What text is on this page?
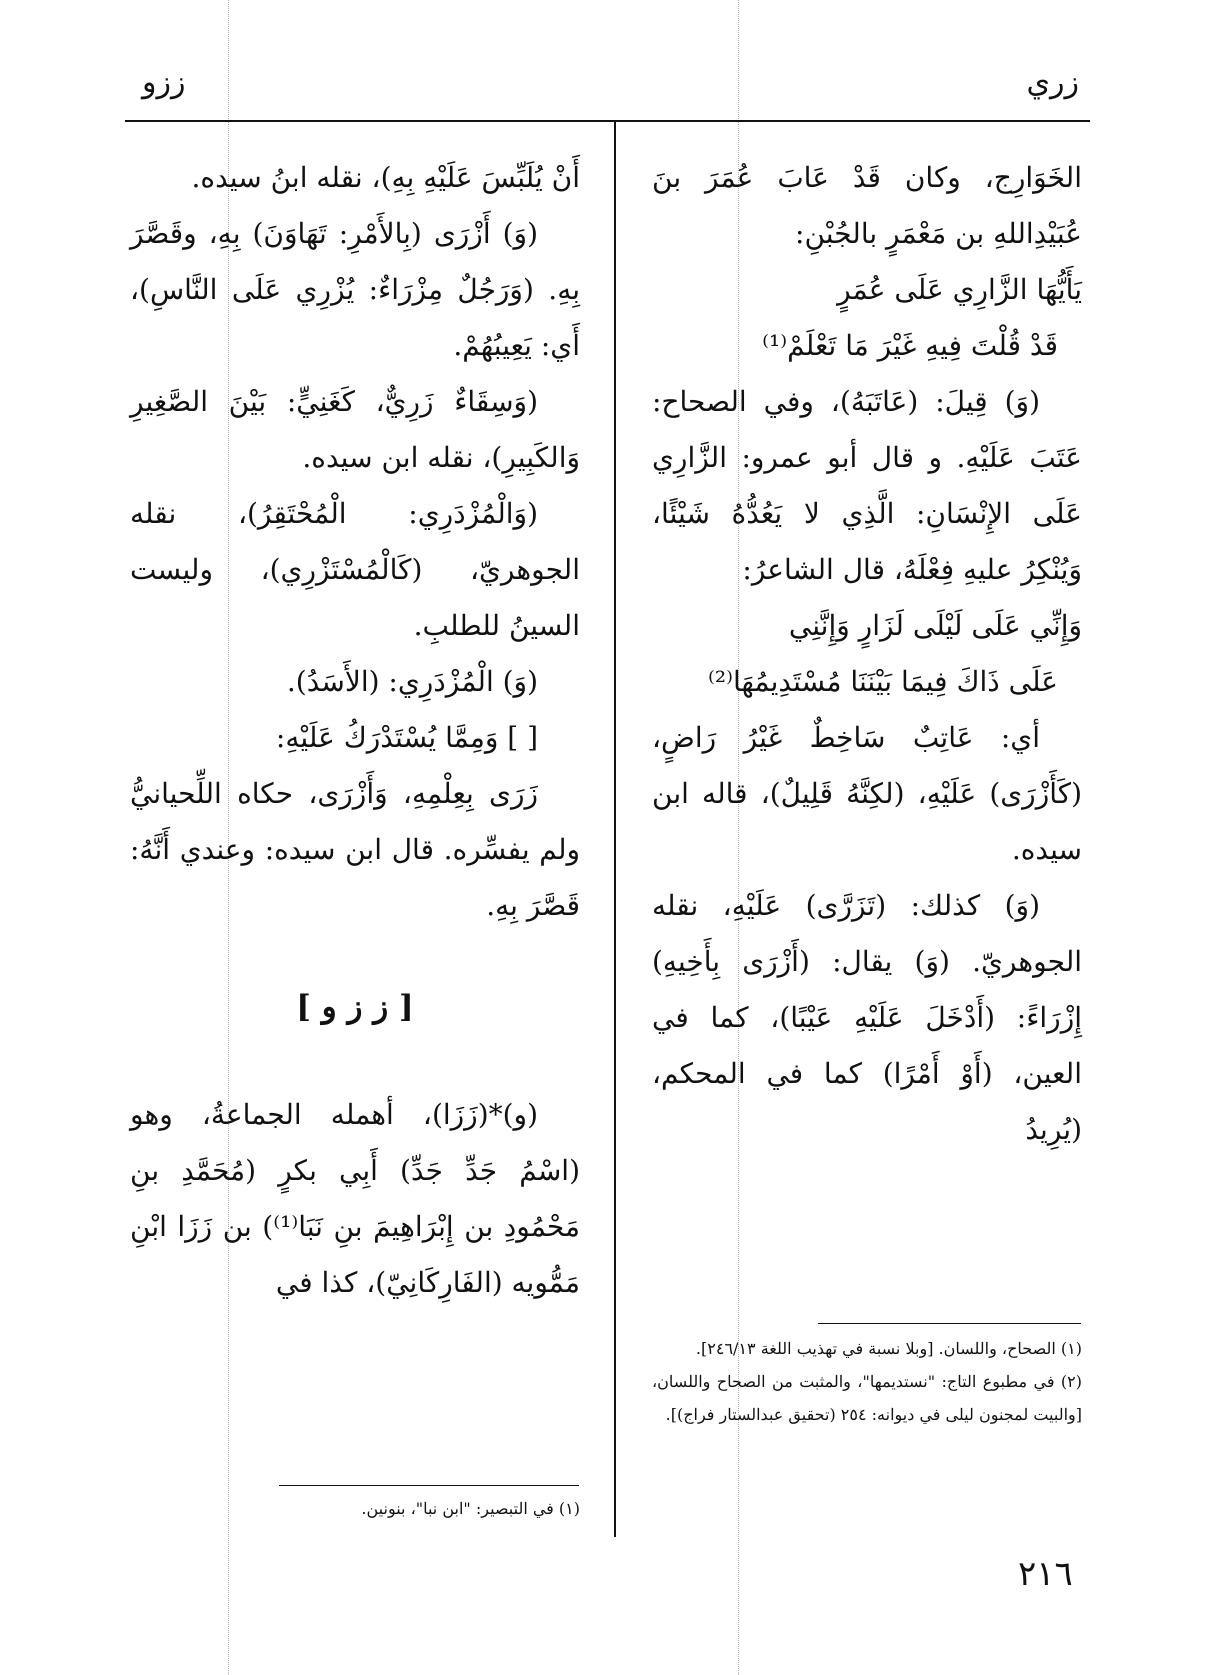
ززو	زري

الخَوَارِج، وكان قَدْ عَابَ عُمَرَ بنَ عُبَيْدِاللهِ بن مَعْمَرٍ بالجُبْنِ:

يَأَيُّهَا الزَّارِي عَلَى عُمَرٍ

قَدْ قُلْتَ فِيهِ غَيْرَ مَا تَعْلَمْ⁽¹⁾

(وَ) قِيلَ: (عَاتَبَهُ)، وفي الصحاح: عَتَبَ عَلَيْهِ. و قال أبو عمرو: الزَّارِي عَلَى الإِنْسَانِ: الَّذِي لا يَعُدُّهُ شَيْئًا، وَيُنْكِرُ عليهِ فِعْلَهُ، قال الشاعرُ:

وَإِنِّي عَلَى لَيْلَى لَزَارٍ وَإِنَّنِي

عَلَى ذَاكَ فِيمَا بَيْنَنَا مُسْتَدِيمُهَا⁽²⁾

أي: عَاتِبٌ سَاخِطٌ غَيْرُ رَاضٍ، (كَأَزْرَى) عَلَيْهِ، (لكِنَّهُ قَلِيلٌ)، قاله ابن سيده.

(وَ) كذلك: (تَزَرَّى) عَلَيْهِ، نقله الجوهريّ. (وَ) يقال: (أَزْرَى بِأَخِيهِ) إِزْرَاءً: (أَدْخَلَ عَلَيْهِ عَيْبًا)، كما في العين، (أَوْ أَمْرًا) كما في المحكم، (يُرِيدُ

أَنْ يُلَبِّسَ عَلَيْهِ بِهِ)، نقله ابنُ سيده.

(وَ) أَزْرَى (بِالأَمْرِ: تَهَاوَنَ) بِهِ، وقَصَّرَ بِهِ. (وَرَجُلٌ مِزْرَاءٌ: يُزْرِي عَلَى النَّاسِ)، أَي: يَعِيبُهُمْ.

(وَسِقَاءٌ زَرِيٌّ، كَغَنِيٍّ: بَيْنَ الصَّغِيرِ وَالكَبِيرِ)، نقله ابن سيده.

(وَالْمُزْدَرِي: الْمُحْتَقِرُ)، نقله الجوهريّ، (كَالْمُسْتَزْرِي)، وليست السينُ للطلبِ.

(وَ) الْمُزْدَرِي: (الأَسَدُ).

[ ] وَمِمَّا يُسْتَدْرَكُ عَلَيْهِ:

زَرَى بِعِلْمِهِ، وَأَزْرَى، حكاه اللِّحيانيُّ ولم يفسِّره. قال ابن سيده: وعندي أَنَّهُ: قَصَّرَ بِهِ.

[ ز ز و ]

(و)*(زَزَا)، أهمله الجماعةُ، وهو (اسْمُ جَدِّ جَدِّ) أَبِي بكرٍ (مُحَمَّدِ بنِ مَحْمُودِ بن إِبْرَاهِيمَ بنِ نَبَا⁽¹⁾) بن زَزَا ابْنِ مَمُّويه (الفَارِكَانِيّ)، كذا في

(١) الصحاح، واللسان. [وبلا نسبة في تهذيب اللغة ٢٤٦/١٣].

(٢) في مطبوع التاج: "نستديمها"، والمثبت من الصحاح واللسان، [والبيت لمجنون ليلى في ديوانه: ٢٥٤ (تحقيق عبدالستار فراج)].

(١) في التبصير: "ابن نبا"، بنونين.

٢١٦
